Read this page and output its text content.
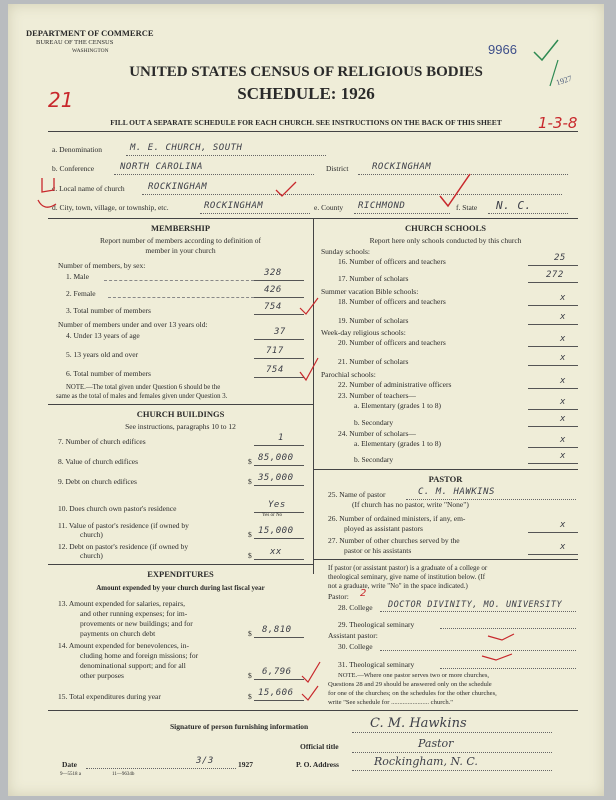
DEPARTMENT OF COMMERCE
BUREAU OF THE CENSUS
WASHINGTON	9966
1927
UNITED STATES CENSUS OF RELIGIOUS BODIES
SCHEDULE: 1926
21
1-3-8
FILL OUT A SEPARATE SCHEDULE FOR EACH CHURCH. SEE INSTRUCTIONS ON THE BACK OF THIS SHEET
a. Denomination	M. E. CHURCH, SOUTH
b. Conference	NORTH CAROLINA	District	ROCKINGHAM
c. Local name of church	ROCKINGHAM
d. City, town, village, or township, etc.	ROCKINGHAM	e. County RICHMOND	f. State N. C.
MEMBERSHIP
Report number of members according to definition of
member in your church
Number of members, by sex:
1. Male	328
2. Female	426
3. Total number of members	754
Number of members under and over 13 years old:
4. Under 13 years of age	37
5. 13 years old and over	717
6. Total number of members	754
NOTE.—The total given under Question 6 should be the
same as the total of males and females given under Question 3.
CHURCH BUILDINGS
See instructions, paragraphs 10 to 12
7. Number of church edifices	1
8. Value of church edifices	$ 85,000
9. Debt on church edifices	$ 35,000
10. Does church own pastor's residence	Yes
Yes or No
11. Value of pastor's residence (if owned by
church)	$ 15,000
12. Debt on pastor's residence (if owned by
church)	$ xx
EXPENDITURES
Amount expended by your church during last fiscal year
13. Amount expended for salaries, repairs,
and other running expenses; for im-
provements or new buildings; and for
payments on church debt	$ 8,810
14. Amount expended for benevolences, in-
cluding home and foreign missions; for
denominational support; and for all
other purposes	$ 6,796
15. Total expenditures during year	$ 15,606
CHURCH SCHOOLS
Report here only schools conducted by this church
Sunday schools:
16. Number of officers and teachers	25
17. Number of scholars	272
Summer vacation Bible schools:
18. Number of officers and teachers	x
19. Number of scholars	x
Week-day religious schools:
20. Number of officers and teachers	x
21. Number of scholars	x
Parochial schools:
22. Number of administrative officers	x
23. Number of teachers—
a. Elementary (grades 1 to 8)	x
b. Secondary	x
24. Number of scholars—
a. Elementary (grades 1 to 8)	x
b. Secondary	x
PASTOR
25. Name of pastor	C. M. HAWKINS
(If church has no pastor, write "None")
26. Number of ordained ministers, if any, em-
ployed as assistant pastors	x
27. Number of other churches served by the
pastor or his assistants	x
If pastor (or assistant pastor) is a graduate of a college or
theological seminary, give name of institution below. (If
not a graduate, write "No" in the space indicated.)
Pastor: 2
28. College DOCTOR DIVINITY, MO. UNIVERSITY
29. Theological seminary
Assistant pastor:
30. College
31. Theological seminary
NOTE.—Where one pastor serves two or more churches,
Questions 28 and 29 should be answered only on the schedule
for one of the churches; on the schedules for the other churches,
write "See schedule for ....................... church."
Signature of person furnishing information	C. M. Hawkins
Official title	Pastor
Date	3/3	1927	P. O. Address	Rockingham, N. C.
9—5518 a	11—9634b
